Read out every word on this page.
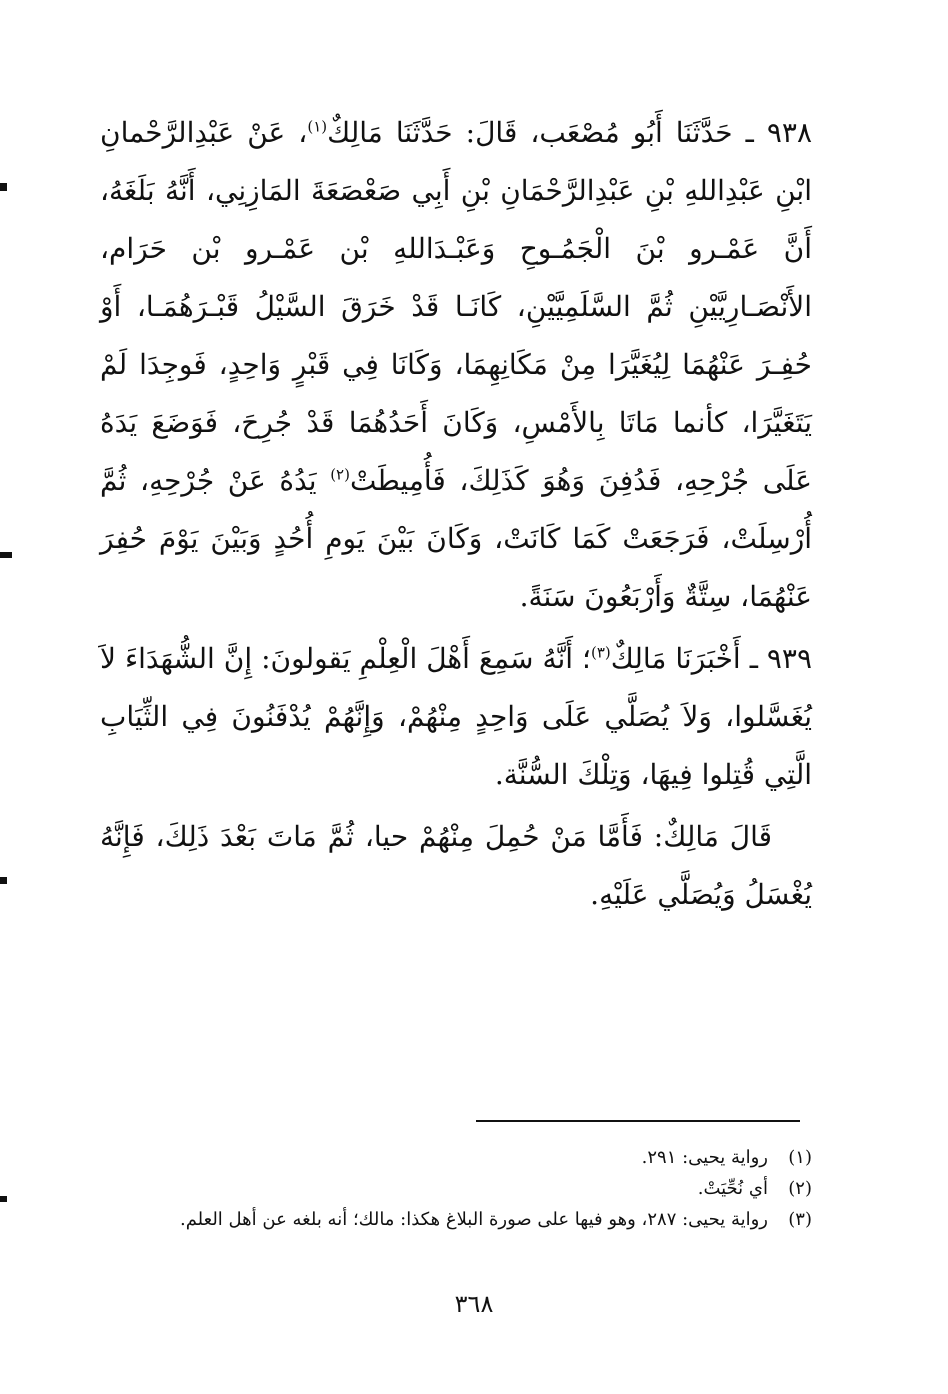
٩٣٨ ـ حَدَّثَنَا أَبُو مُصْعَب، قَالَ: حَدَّثَنَا مَالِكٌ$^{(١)}$، عَنْ عَبْدِالرَّحْمانِ ابْنِ عَبْدِاللهِ بْنِ عَبْدِالرَّحْمَانِ بْنِ أَبِي صَعْصَعَةَ المَازِنِي، أَنَّهُ بَلَغَهُ، أَنَّ عَمْـرو بْنَ الْجَمُـوحِ وَعَبْـدَاللهِ بْن عَمْـرو بْن حَرَام، الأَنْصَـارِيَّيْنِ ثُمَّ السَّلَمِيَّيْنِ، كَانَـا قَدْ خَرَقَ السَّيْلُ قَبْـرَهُمَـا، أَوْ حُفِـرَ عَنْهُمَا لِيُغَيَّرَا مِنْ مَكَانِهِمَا، وَكَانَا فِي قَبْرٍ وَاحِدٍ، فَوجِدَا لَمْ يَتَغَيَّرَا، كأنما مَاتَا بِالأَمْسِ، وَكَانَ أَحَدُهُمَا قَدْ جُرِحَ، فَوَضَعَ يَدَهُ عَلَى جُرْحِهِ، فَدُفِنَ وَهُوَ كَذَلِكَ، فَأُمِيطَتْ$^{(٢)}$ يَدُهُ عَنْ جُرْحِهِ، ثُمَّ أُرْسِلَتْ، فَرَجَعَتْ كَمَا كَانَتْ، وَكَانَ بَيْنَ يَومِ أُحُدٍ وَبَيْنَ يَوْمَ حُفِرَ عَنْهُمَا، سِتَّةٌ وَأَرْبَعُونَ سَنَةً.

٩٣٩ ـ أَخْبَرَنَا مَالِكٌ$^{(٣)}$؛ أَنَّهُ سَمِعَ أَهْلَ الْعِلْمِ يَقولونَ: إِنَّ الشُّهَدَاءَ لاَ يُغَسَّلوا، وَلاَ يُصَلَّي عَلَى وَاحِدٍ مِنْهُمْ، وَإِنَّهُمْ يُدْفَنُونَ فِي الثِّيَابِ الَّتِي قُتِلوا فِيهَا، وَتِلْكَ السُّنَّة.

قَالَ مَالِكٌ: فَأَمَّا مَنْ حُمِلَ مِنْهُمْ حيا، ثُمَّ مَاتَ بَعْدَ ذَلِكَ، فَإِنَّهُ يُغْسَلُ وَيُصَلَّي عَلَيْهِ.

(١)
رواية يحيى: ٢٩١.
(٢)
أي نُحِّيَتْ.
(٣)
رواية يحيى: ٢٨٧، وهو فيها على صورة البلاغ هكذا: مالك؛ أنه بلغه عن أهل العلم.
٣٦٨
